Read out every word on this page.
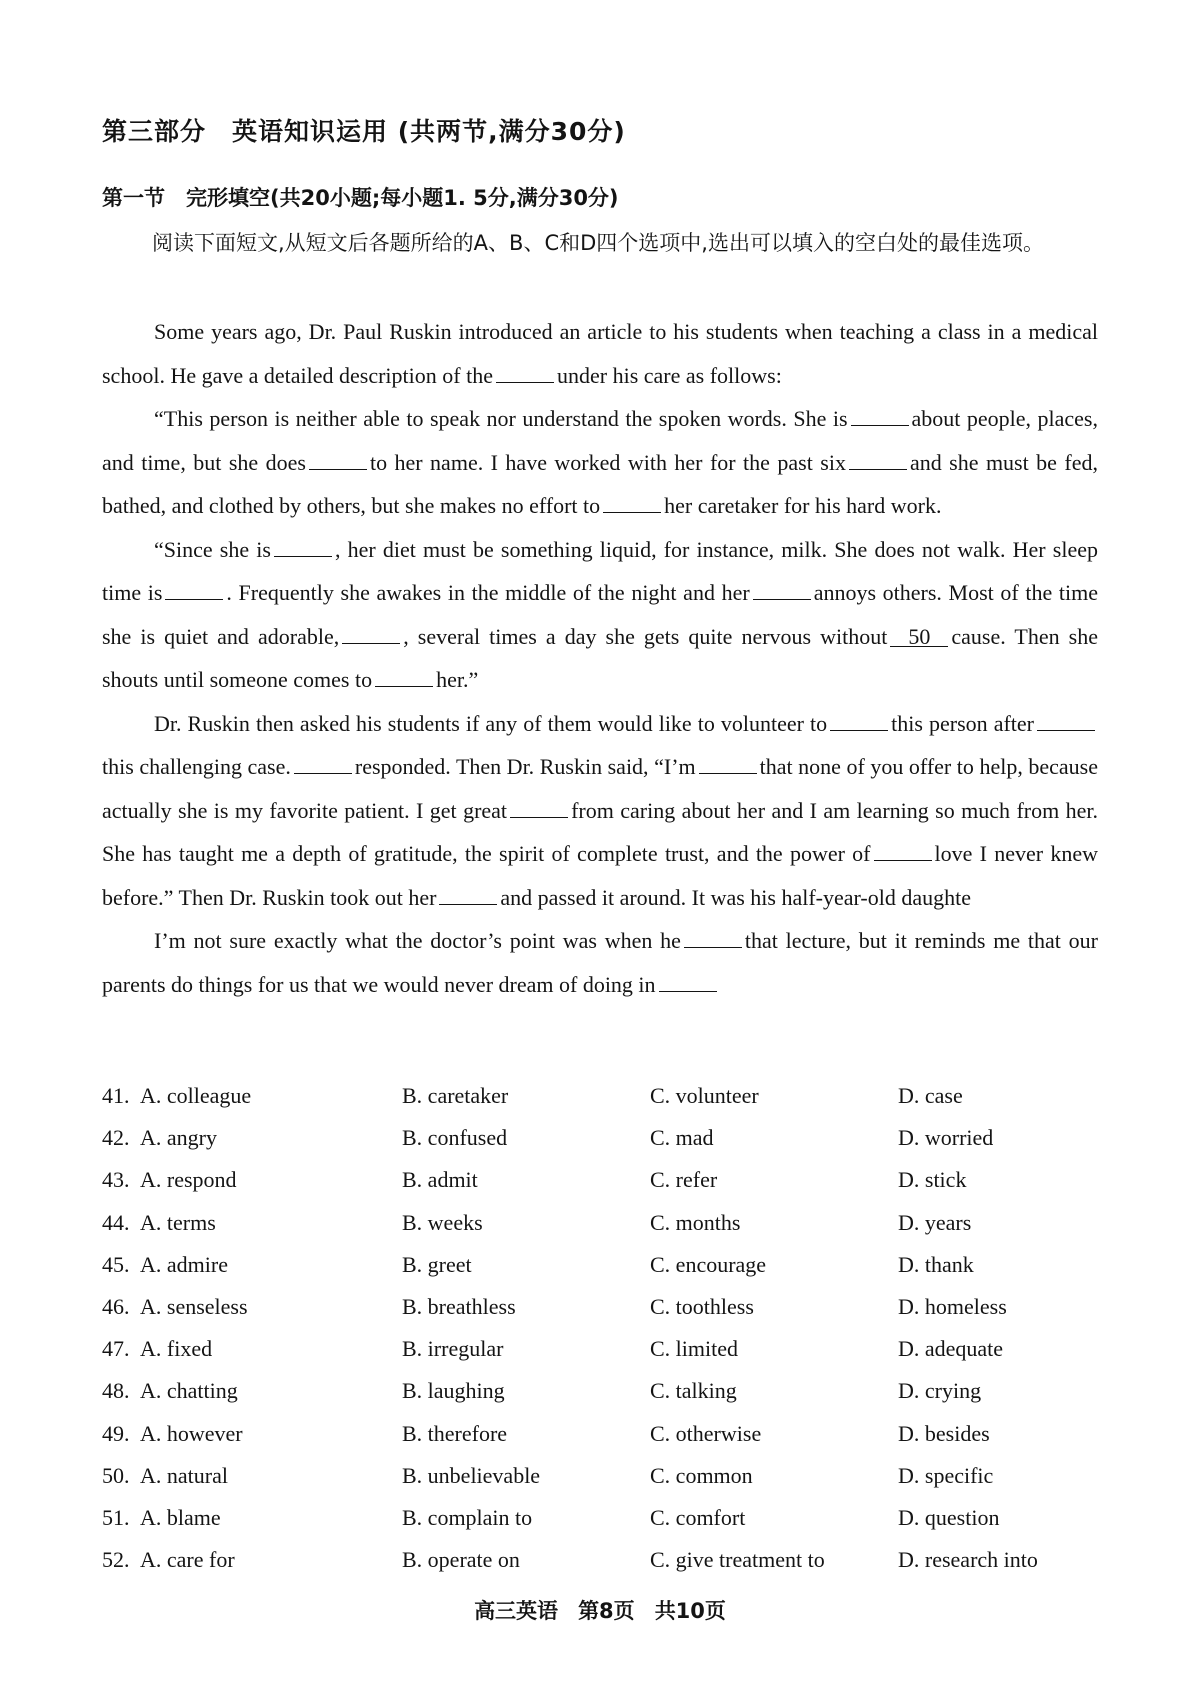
第三部分　英语知识运用 (共两节,满分30分)
第一节　完形填空(共20小题;每小题1. 5分,满分30分)
阅读下面短文,从短文后各题所给的A、B、C和D四个选项中,选出可以填入的空白处的最佳选项。

Some years ago, Dr. Paul Ruskin introduced an article to his students when teaching a class in a medical school. He gave a detailed description of the	under his care as follows:

“This person is neither able to speak nor understand the spoken words. She is	about people, places, and time, but she does	to her name. I have worked with her for the past six	and she must be fed, bathed, and clothed by others, but she makes no effort to	her caretaker for his hard work.

“Since she is	, her diet must be something liquid, for instance, milk. She does not walk. Her sleep time is	. Frequently she awakes in the middle of the night and her	annoys others. Most of the time she is quiet and adorable,	, several times a day she gets quite nervous without 50 cause. Then she shouts until someone comes to	her.”

Dr. Ruskin then asked his students if any of them would like to volunteer to	this person afterthis challenging case.	responded. Then Dr. Ruskin said, “I’m	that none of you offer to help, because actually she is my favorite patient. I get great	from caring about her and I am learning so much from her. She has taught me a depth of gratitude, the spirit of complete trust, and the power of	love I never knew before.” Then Dr. Ruskin took out her	and passed it around. It was his half-year-old daughte

I’m not sure exactly what the doctor’s point was when he	that lecture, but it reminds me that our parents do things for us that we would never dream of doing in

41. A. colleague	B. caretaker	C. volunteer	D. case
42. A. angry	B. confused	C. mad	D. worried
43. A. respond	B. admit	C. refer	D. stick
44. A. terms	B. weeks	C. months	D. years
45. A. admire	B. greet	C. encourage	D. thank
46. A. senseless	B. breathless	C. toothless	D. homeless
47. A. fixed	B. irregular	C. limited	D. adequate
48. A. chatting	B. laughing	C. talking	D. crying
49. A. however	B. therefore	C. otherwise	D. besides
50. A. natural	B. unbelievable	C. common	D. specific
51. A. blame	B. complain to	C. comfort	D. question
52. A. care for	B. operate on	C. give treatment to	D. research into
高三英语 第8页 共10页
